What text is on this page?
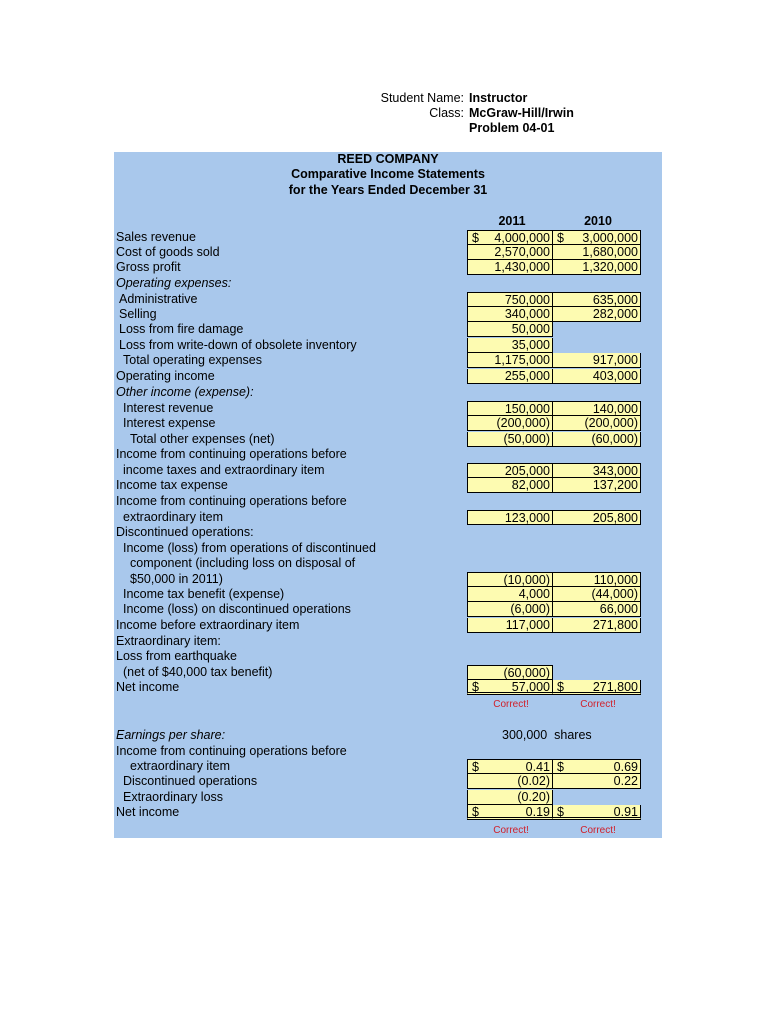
Student Name: Instructor
Class: McGraw-Hill/Irwin
Problem 04-01
REED COMPANY
Comparative Income Statements
for the Years Ended December 31
2011	2010
Sales revenue	$ 4,000,000 $ 3,000,000
Cost of goods sold	2,570,000	1,680,000
Gross profit	1,430,000	1,320,000
Operating expenses:
Administrative	750,000	635,000
Selling	340,000	282,000
Loss from fire damage	50,000
Loss from write-down of obsolete inventory	35,000
Total operating expenses	1,175,000	917,000
Operating income	255,000	403,000
Other income (expense):
Interest revenue	150,000	140,000
Interest expense	(200,000)	(200,000)
Total other expenses (net)	(50,000)	(60,000)
Income from continuing operations before
income taxes and extraordinary item	205,000	343,000
Income tax expense	82,000	137,200
Income from continuing operations before
extraordinary item	123,000	205,800
Discontinued operations:
Income (loss) from operations of discontinued
component (including loss on disposal of
$50,000 in 2011)	(10,000)	110,000
Income tax benefit (expense)	4,000	(44,000)
Income (loss) on discontinued operations	(6,000)	66,000
Income before extraordinary item	117,000	271,800
Extraordinary item:
Loss from earthquake
(net of $40,000 tax benefit)	(60,000)
Net income	$	57,000 $ 271,800
Correct!	Correct!
Earnings per share:	300,000 shares
Income from continuing operations before
extraordinary item	$	0.41 $	0.69
Discontinued operations	(0.02)	0.22
Extraordinary loss	(0.20)
Net income	$	0.19 $	0.91
Correct!	Correct!
